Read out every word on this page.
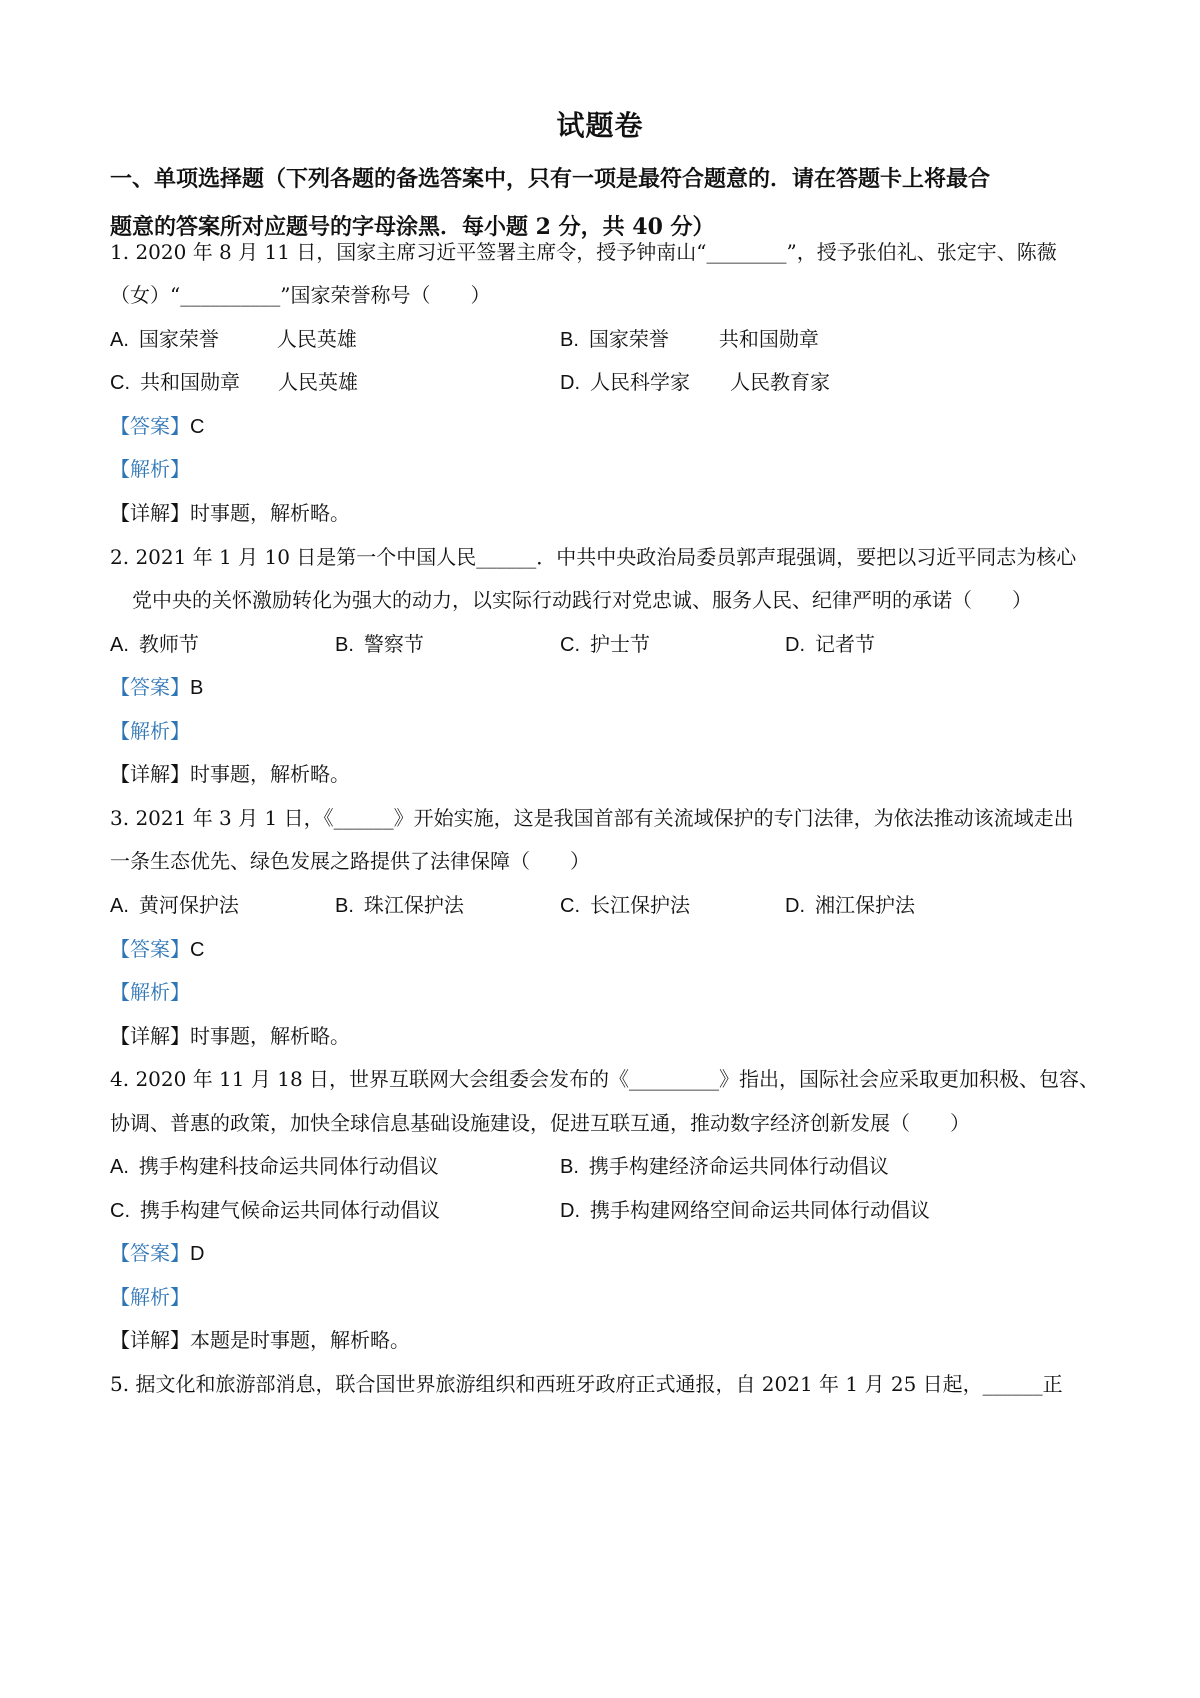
试题卷
一、单项选择题（下列各题的备选答案中，只有一项是最符合题意的．请在答题卡上将最合
题意的答案所对应题号的字母涂黑．每小题 2 分，共 40 分）
1. 2020 年 8 月 11 日，国家主席习近平签署主席令，授予钟南山“________”，授予张伯礼、张定宇、陈薇
（女）“__________”国家荣誉称号（　　）
A. 国家荣誉	人民英雄	B. 国家荣誉	共和国勋章
C. 共和国勋章 人民英雄	D. 人民科学家 人民教育家
【答案】C
【解析】
【详解】时事题，解析略。
2. 2021 年 1 月 10 日是第一个中国人民______．中共中央政治局委员郭声琨强调，要把以习近平同志为核心
党中央的关怀激励转化为强大的动力，以实际行动践行对党忠诚、服务人民、纪律严明的承诺（　　）
A. 教师节	B. 警察节	C. 护士节	D. 记者节
【答案】B
【解析】
【详解】时事题，解析略。
3. 2021 年 3 月 1 日，《______》开始实施，这是我国首部有关流域保护的专门法律，为依法推动该流域走出
一条生态优先、绿色发展之路提供了法律保障（　　）
A. 黄河保护法	B. 珠江保护法	C. 长江保护法	D. 湘江保护法
【答案】C
【解析】
【详解】时事题，解析略。
4. 2020 年 11 月 18 日，世界互联网大会组委会发布的《_________》指出，国际社会应采取更加积极、包容、
协调、普惠的政策，加快全球信息基础设施建设，促进互联互通，推动数字经济创新发展（　　）
A. 携手构建科技命运共同体行动倡议	B. 携手构建经济命运共同体行动倡议
C. 携手构建气候命运共同体行动倡议	D. 携手构建网络空间命运共同体行动倡议
【答案】D
【解析】
【详解】本题是时事题，解析略。
5. 据文化和旅游部消息，联合国世界旅游组织和西班牙政府正式通报，自 2021 年 1 月 25 日起，______正
